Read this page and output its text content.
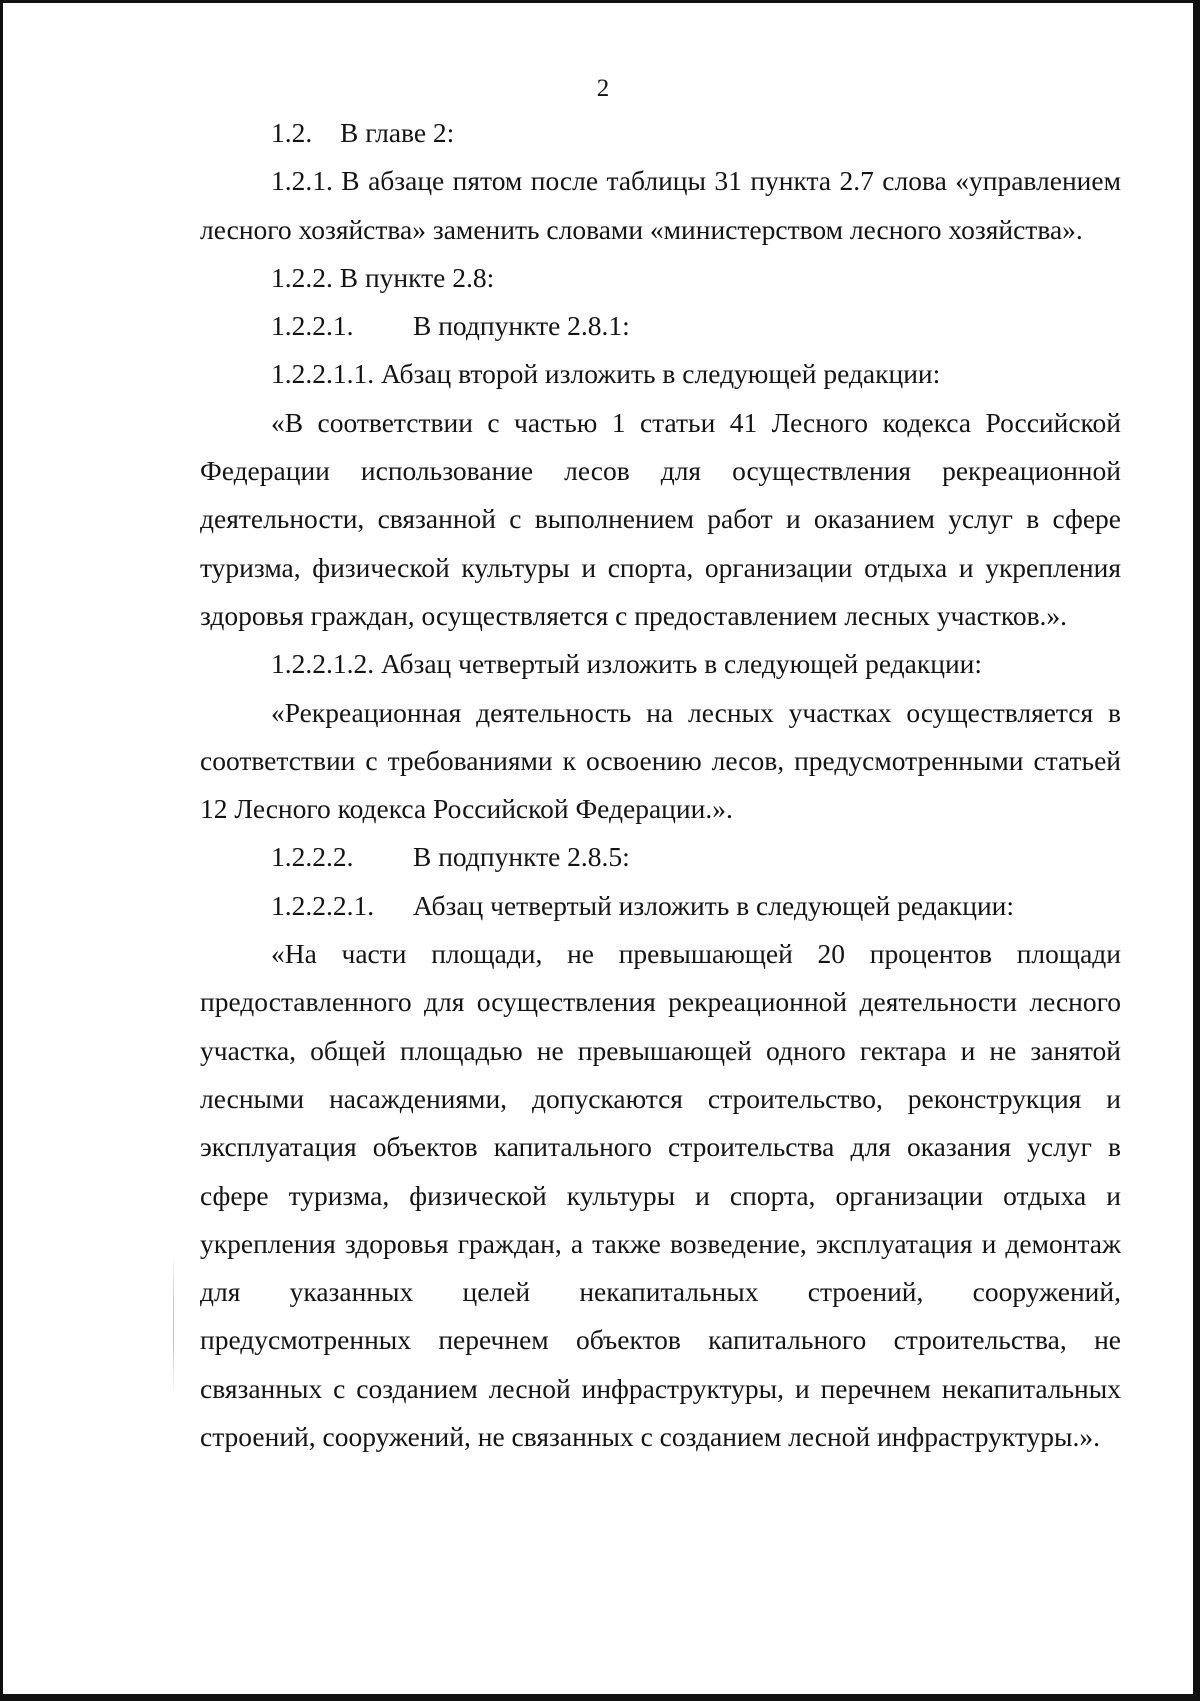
2

1.2. В главе 2:

1.2.1. В абзаце пятом после таблицы 31 пункта 2.7 слова «управлением лесного хозяйства» заменить словами «министерством лесного хозяйства».

1.2.2. В пункте 2.8:

1.2.2.1. В подпункте 2.8.1:

1.2.2.1.1. Абзац второй изложить в следующей редакции:

«В соответствии с частью 1 статьи 41 Лесного кодекса Российской Федерации использование лесов для осуществления рекреационной деятельности, связанной с выполнением работ и оказанием услуг в сфере туризма, физической культуры и спорта, организации отдыха и укрепления здоровья граждан, осуществляется с предоставлением лесных участков.».

1.2.2.1.2. Абзац четвертый изложить в следующей редакции:

«Рекреационная деятельность на лесных участках осуществляется в соответствии с требованиями к освоению лесов, предусмотренными статьей 12 Лесного кодекса Российской Федерации.».

1.2.2.2. В подпункте 2.8.5:

1.2.2.2.1. Абзац четвертый изложить в следующей редакции:

«На части площади, не превышающей 20 процентов площади предоставленного для осуществления рекреационной деятельности лесного участка, общей площадью не превышающей одного гектара и не занятой лесными насаждениями, допускаются строительство, реконструкция и эксплуатация объектов капитального строительства для оказания услуг в сфере туризма, физической культуры и спорта, организации отдыха и укрепления здоровья граждан, а также возведение, эксплуатация и демонтаж для указанных целей некапитальных строений, сооружений, предусмотренных перечнем объектов капитального строительства, не связанных с созданием лесной инфраструктуры, и перечнем некапитальных строений, сооружений, не связанных с созданием лесной инфраструктуры.».
